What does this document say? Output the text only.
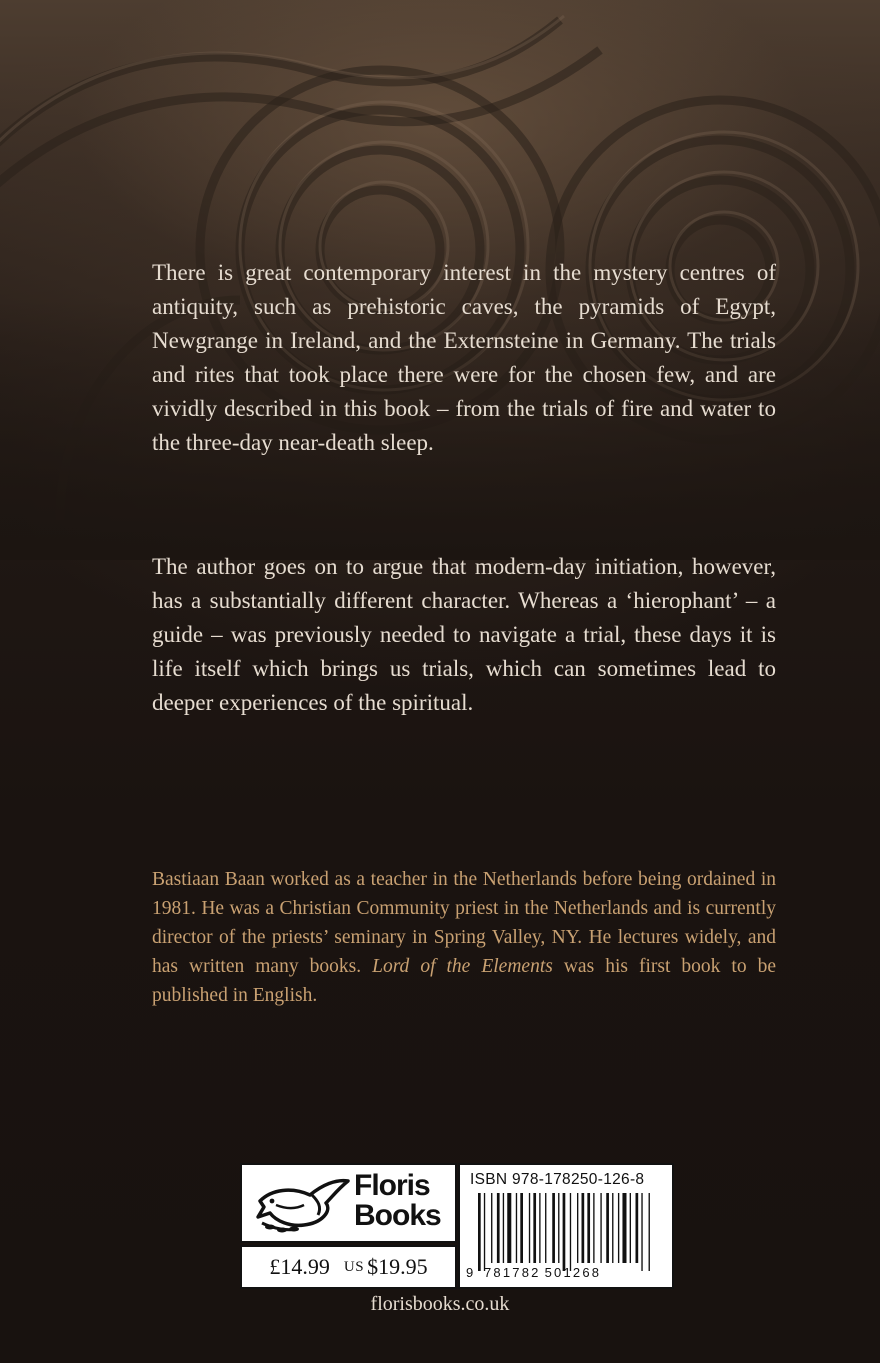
There is great contemporary interest in the mystery centres of antiquity, such as prehistoric caves, the pyramids of Egypt, Newgrange in Ireland, and the Externsteine in Germany. The trials and rites that took place there were for the chosen few, and are vividly described in this book – from the trials of fire and water to the three-day near-death sleep.

The author goes on to argue that modern-day initiation, however, has a substantially different character. Whereas a ‘hierophant’ – a guide – was previously needed to navigate a trial, these days it is life itself which brings us trials, which can sometimes lead to deeper experiences of the spiritual.

Bastiaan Baan worked as a teacher in the Netherlands before being ordained in 1981. He was a Christian Community priest in the Netherlands and is currently director of the priests’ seminary in Spring Valley, NY. He lectures widely, and has written many books. Lord of the Elements was his first book to be published in English.

Floris
Books
£14.99 US $19.95
ISBN 978-178250-126-8
9 781782 501268
florisbooks.co.uk
